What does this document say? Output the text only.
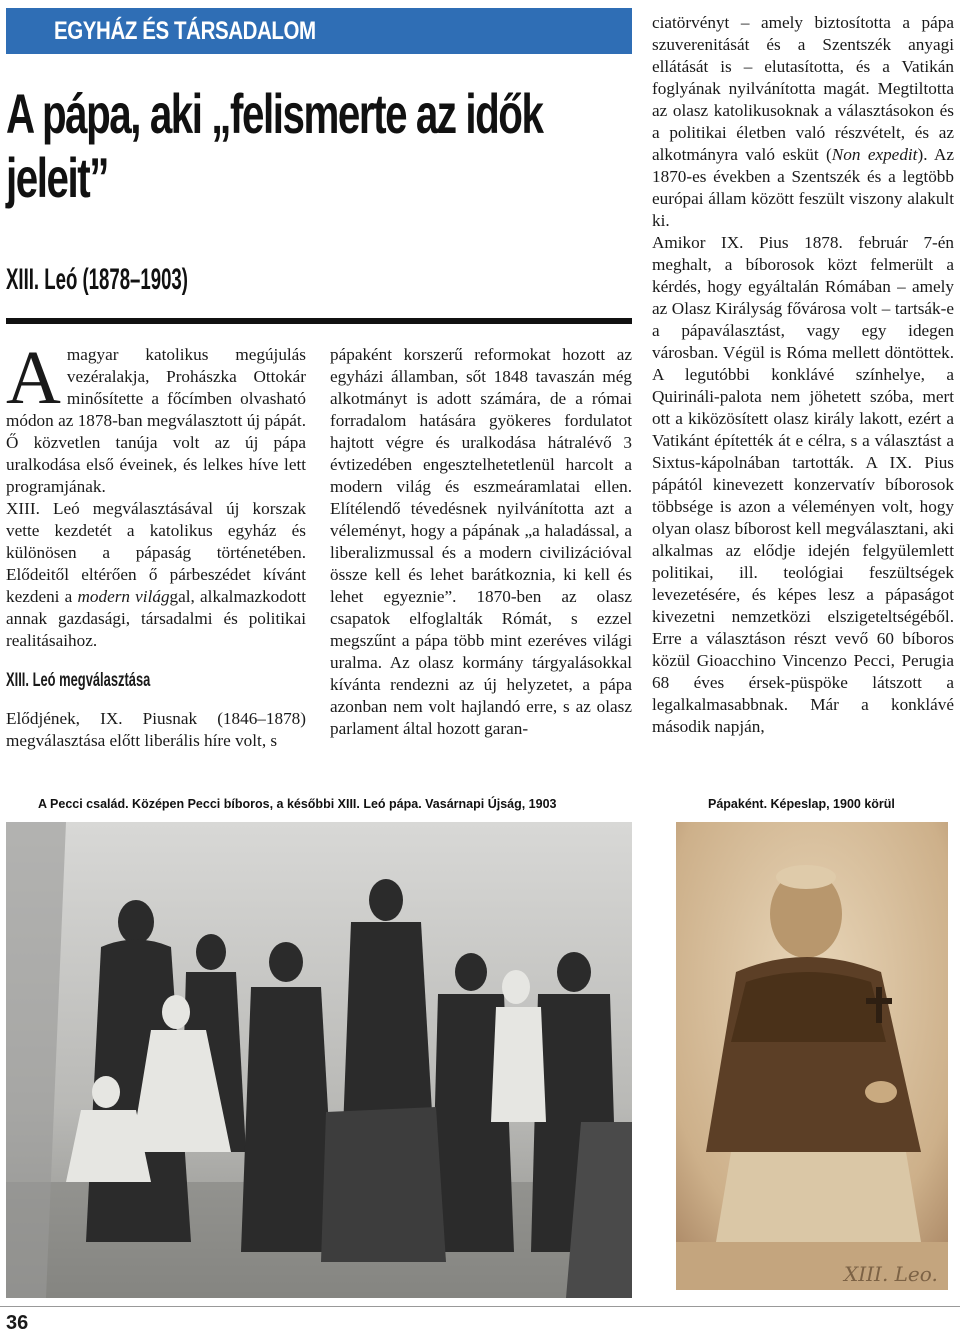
EGYHÁZ ÉS TÁRSADALOM
A pápa, aki „felismerte az idők jeleit”
XIII. Leó (1878–1903)

Amagyar katolikus megújulás vezéralakja, Prohászka Ottokár minősítette a főcímben olvasható módon az 1878-ban megválasztott új pápát. Ő közvetlen tanúja volt az új pápa uralkodása első éveinek, és lelkes híve lett programjának.

XIII. Leó megválasztásával új korszak vette kezdetét a katolikus egyház és különösen a pápaság történetében. Elődeitől eltérően ő párbeszédet kívánt kezdeni a modern világgal, alkalmazkodott annak gazdasági, társadalmi és politikai realitásaihoz.

XIII. Leó megválasztása

Elődjének, IX. Piusnak (1846–1878) megválasztása előtt liberális híre volt, s

pápaként korszerű reformokat hozott az egyházi államban, sőt 1848 tavaszán még alkotmányt is adott számára, de a római forradalom hatására gyökeres fordulatot hajtott végre és uralkodása hátralévő 3 évtizedében engesztelhetetlenül harcolt a modern világ és eszmeáramlatai ellen. Elítélendő tévedésnek nyilvánította azt a véleményt, hogy a pápának „a haladással, a liberalizmussal és a modern civilizációval össze kell és lehet barátkoznia, ki kell és lehet egyeznie”. 1870-ben az olasz csapatok elfoglalták Rómát, s ezzel megszűnt a pápa több mint ezeréves világi uralma. Az olasz kormány tárgyalásokkal kívánta rendezni az új helyzetet, a pápa azonban nem volt hajlandó erre, s az olasz parlament által hozott garan-

ciatörvényt – amely biztosította a pápa szuverenitását és a Szentszék anyagi ellátását is – elutasította, és a Vatikán foglyának nyilvánította magát. Megtiltotta az olasz katolikusoknak a választásokon és a politikai életben való részvételt, és az alkotmányra való esküt (Non expedit). Az 1870-es években a Szentszék és a legtöbb európai állam között feszült viszony alakult ki.

Amikor IX. Pius 1878. február 7-én meghalt, a bíborosok közt felmerült a kérdés, hogy egyáltalán Rómában – amely az Olasz Királyság fővárosa volt – tartsák-e a pápaválasztást, vagy egy idegen városban. Végül is Róma mellett döntöttek. A legutóbbi konklávé színhelye, a Quirináli-palota nem jöhetett szóba, mert ott a kiközösített olasz király lakott, ezért a Vatikánt építették át e célra, s a választást a Sixtus-kápolnában tartották. A IX. Pius pápától kinevezett konzervatív bíborosok többsége is azon a véleményen volt, hogy olyan olasz bíborost kell megválasztani, aki alkalmas az elődje idején felgyülemlett politikai, ill. teológiai feszültségek levezetésére, és képes lesz a pápaságot kivezetni nemzetközi elszigeteltségéből. Erre a választáson részt vevő 60 bíboros közül Gioacchino Vincenzo Pecci, Perugia 68 éves érsek-püspöke látszott a legalkalmasabbnak. Már a konklávé második napján,

A Pecci család. Középen Pecci bíboros, a későbbi XIII. Leó pápa. Vasárnapi Újság, 1903	Pápaként. Képeslap, 1900 körül
XIII. Leo.
36
